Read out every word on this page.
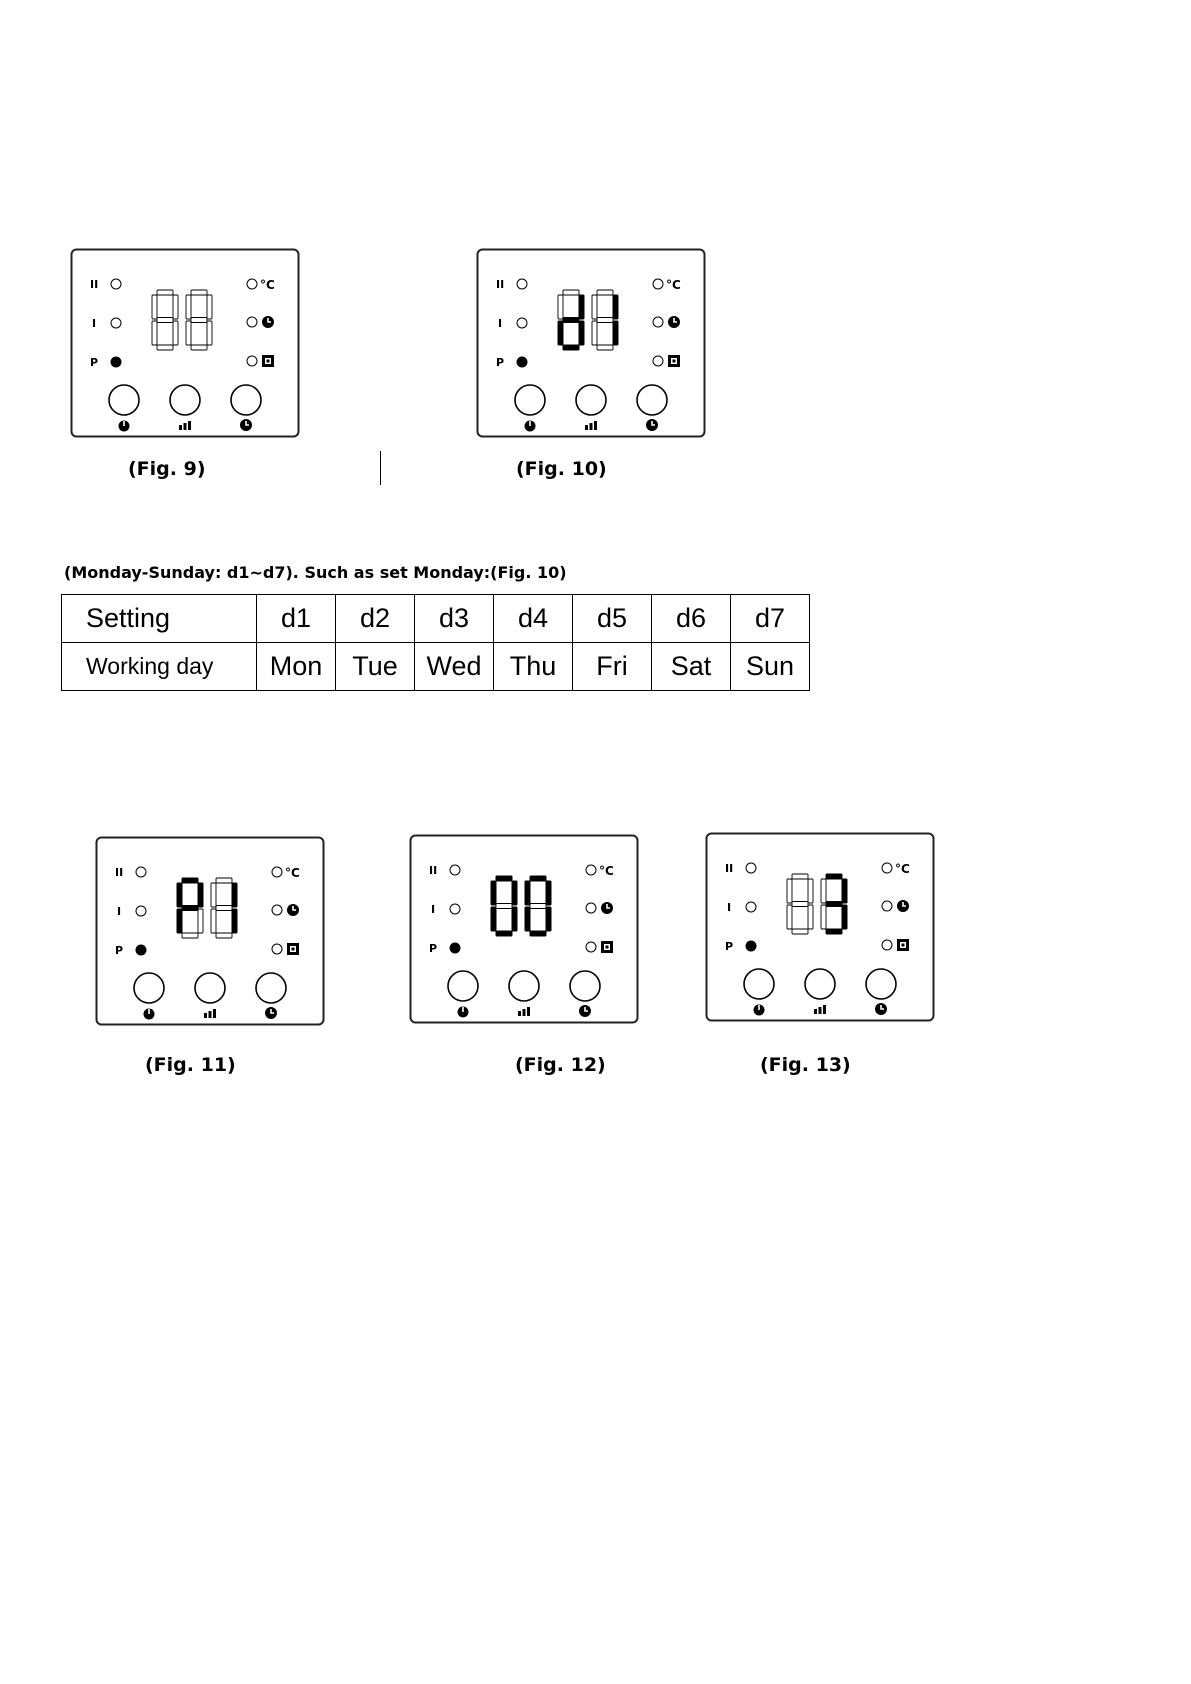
II
I
P
°C
(Fig. 9)
II
I
P
°C
(Fig. 10)
(Monday-Sunday: d1~d7). Such as set Monday:(Fig. 10)
Setting	d1	d2	d3	d4	d5	d6	d7
Working day	Mon	Tue	Wed	Thu	Fri	Sat	Sun
II
I
P
°C
(Fig. 11)
II
I
P
°C
(Fig. 12)
II
I
P
°C
(Fig. 13)
